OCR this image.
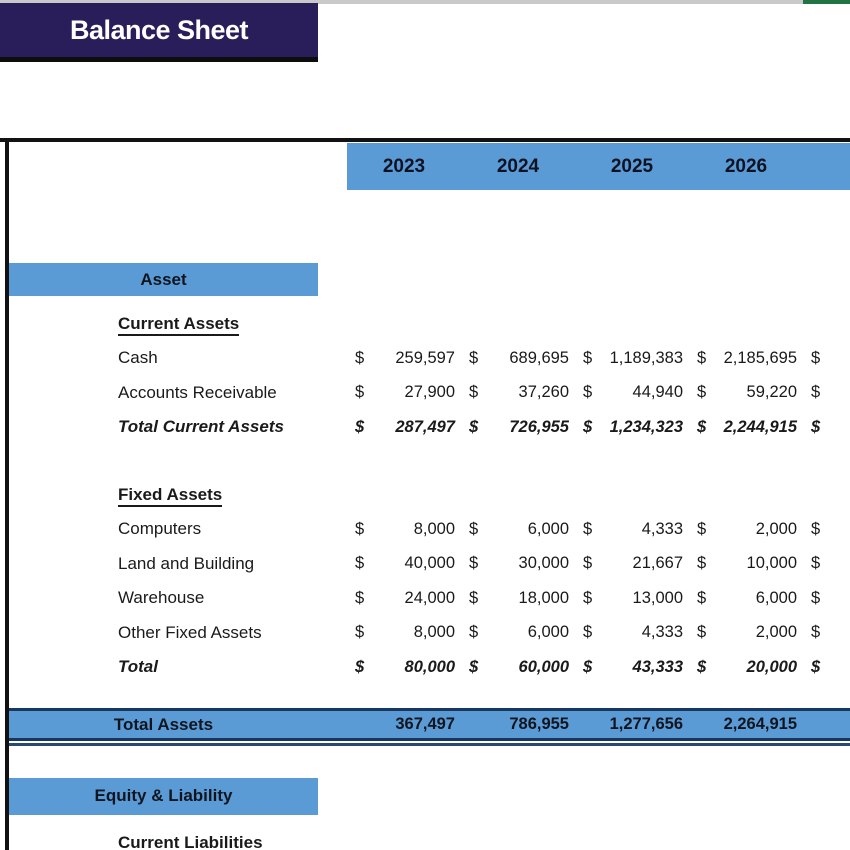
Balance Sheet
2023	2024	2025	2026
Asset
Current Assets
Cash	$ 259,597 $ 689,695 $ 1,189,383 $ 2,185,695 $
Accounts Receivable	$ 27,900 $ 37,260 $ 44,940 $ 59,220 $
Total Current Assets	$ 287,497 $ 726,955 $ 1,234,323 $ 2,244,915 $
Fixed Assets
Computers	$	8,000 $	6,000 $	4,333 $	2,000 $
Land and Building	$ 40,000 $ 30,000 $ 21,667 $ 10,000 $
Warehouse	$ 24,000 $ 18,000 $ 13,000 $	6,000 $
Other Fixed Assets	$	8,000 $	6,000 $	4,333 $	2,000 $
Total	$ 80,000 $ 60,000 $ 43,333 $ 20,000 $
Total Assets	367,497	786,955 1,277,656 2,264,915
Equity & Liability
Current Liabilities
